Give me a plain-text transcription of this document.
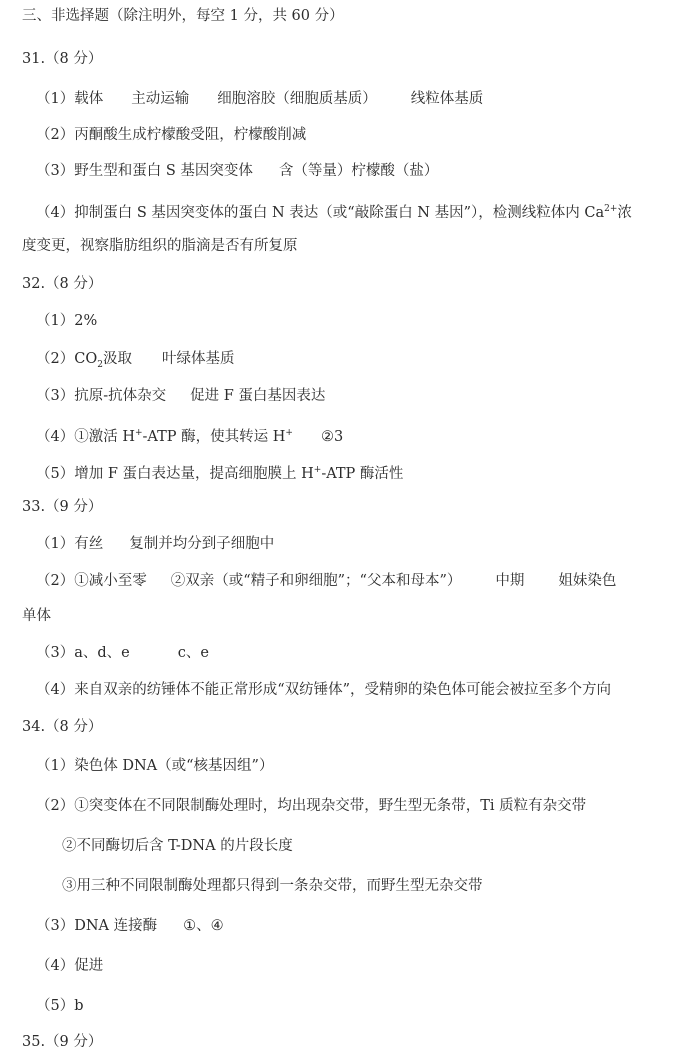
三、非选择题（除注明外，每空 1 分，共 60 分）
31.（8 分）
（1）载体 主动运输 细胞溶胶（细胞质基质） 线粒体基质
（2）丙酮酸生成柠檬酸受阻，柠檬酸削减
（3）野生型和蛋白 S 基因突变体 含（等量）柠檬酸（盐）
（4）抑制蛋白 S 基因突变体的蛋白 N 表达（或“敲除蛋白 N 基因”），检测线粒体内 $Ca^{2+}$浓
度变更，视察脂肪组织的脂滴是否有所复原
32.（8 分）
（1）2%
$(2)CO_2$汲取 叶绿体基质
（3）抗原-抗体杂交 促进 F 蛋白基因表达
（4）①激活 H+-ATP 酶，使其转运 H+ ②3
（5）增加 F 蛋白表达量，提高细胞膜上 H+-ATP 酶活性
33.（9 分）
（1）有丝 复制并均分到子细胞中
（2）①减小至零 ②双亲（或“精子和卵细胞”；“父本和母本”） 中期 姐妹染色
单体
（3）a、d、e	c、e
（4）来自双亲的纺锤体不能正常形成“双纺锤体”，受精卵的染色体可能会被拉至多个方向
34.（8 分）
（1）染色体 DNA（或“核基因组”）
（2）①突变体在不同限制酶处理时，均出现杂交带，野生型无条带，Ti 质粒有杂交带
②不同酶切后含 T-DNA 的片段长度
③用三种不同限制酶处理都只得到一条杂交带，而野生型无杂交带
（3）DNA 连接酶 ①、④
（4）促进
（5）b
35.（9 分）
